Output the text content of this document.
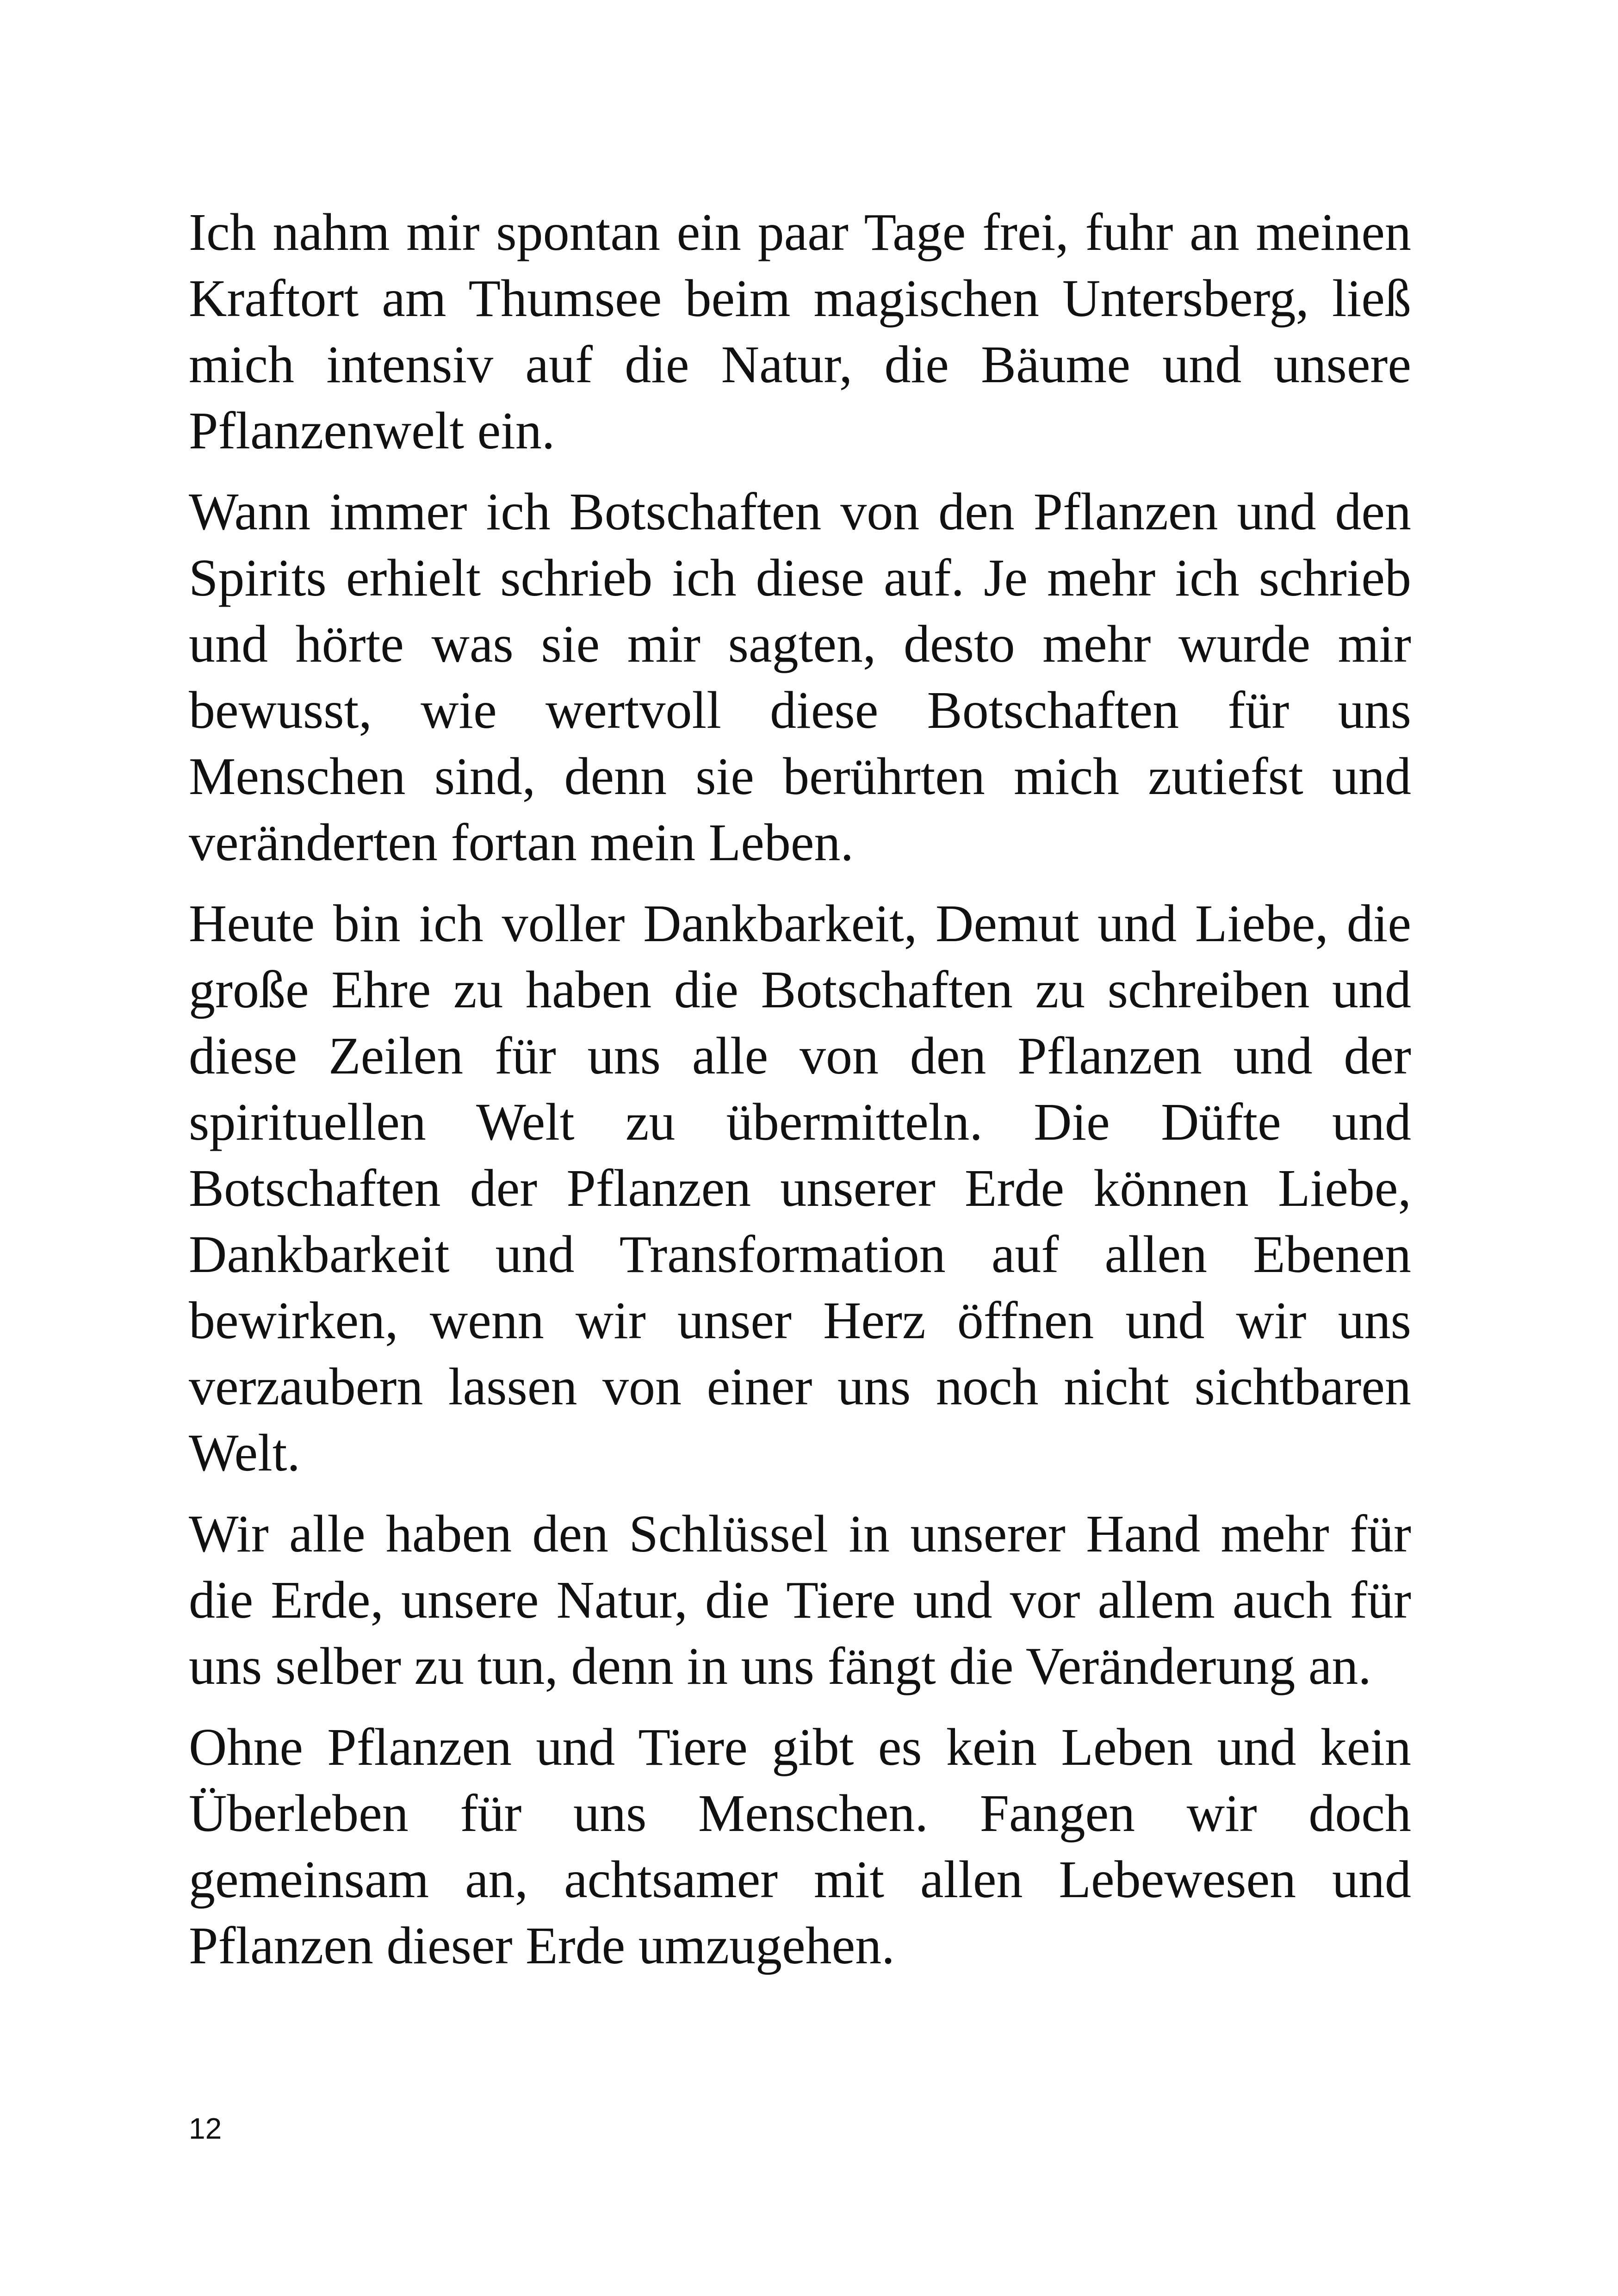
Ich nahm mir spontan ein paar Tage frei, fuhr an meinen Kraftort am Thumsee beim magischen Untersberg, ließ mich intensiv auf die Natur, die Bäume und unsere Pflanzenwelt ein.

Wann immer ich Botschaften von den Pflanzen und den Spirits erhielt schrieb ich diese auf. Je mehr ich schrieb und hörte was sie mir sagten, desto mehr wurde mir bewusst, wie wertvoll diese Botschaften für uns Menschen sind, denn sie berührten mich zutiefst und veränderten fortan mein Leben.

Heute bin ich voller Dankbarkeit, Demut und Liebe, die große Ehre zu haben die Botschaften zu schreiben und diese Zeilen für uns alle von den Pflanzen und der spirituellen Welt zu übermitteln. Die Düfte und Botschaften der Pflanzen unserer Erde können Liebe, Dankbarkeit und Transformation auf allen Ebenen bewirken, wenn wir unser Herz öffnen und wir uns verzaubern lassen von einer uns noch nicht sichtbaren Welt.

Wir alle haben den Schlüssel in unserer Hand mehr für die Erde, unsere Natur, die Tiere und vor allem auch für uns selber zu tun, denn in uns fängt die Veränderung an.

Ohne Pflanzen und Tiere gibt es kein Leben und kein Überleben für uns Menschen. Fangen wir doch gemeinsam an, achtsamer mit allen Lebewesen und Pflanzen dieser Erde umzugehen.

12
